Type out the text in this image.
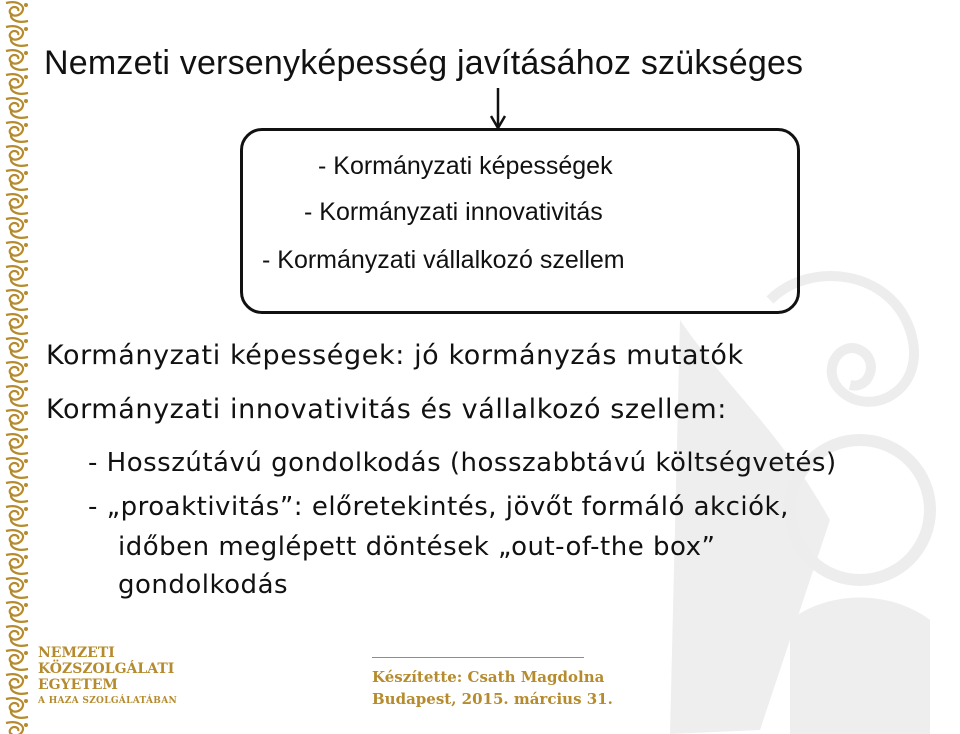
Nemzeti versenyképesség javításához szükséges
- Kormányzati képességek
- Kormányzati innovativitás
- Kormányzati vállalkozó szellem
Kormányzati képességek: jó kormányzás mutatók
Kormányzati innovativitás és vállalkozó szellem:
- Hosszútávú gondolkodás (hosszabbtávú költségvetés)
- „proaktivitás”: előretekintés, jövőt formáló akciók,
időben meglépett döntések „out-of-the box”
gondolkodás
NEMZETI
KÖZSZOLGÁLATI
EGYETEM
A HAZA SZOLGÁLATÁBAN
Készítette: Csath Magdolna
Budapest, 2015. március 31.
